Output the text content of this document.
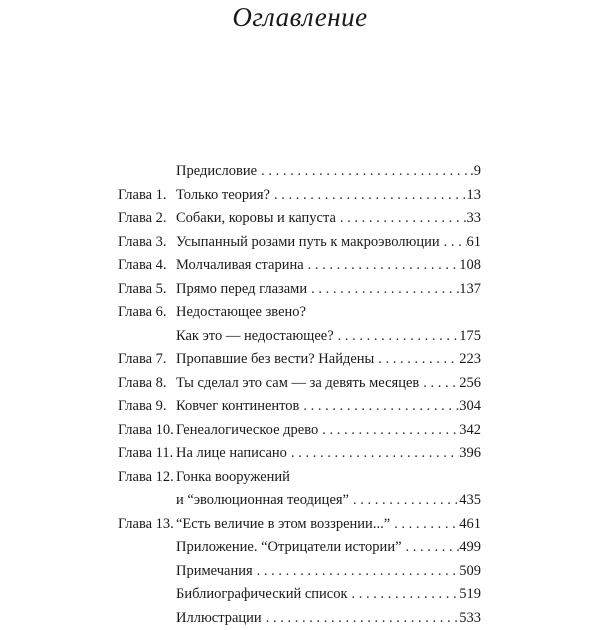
Оглавление
Предисловие . . .	.9
Глава 1. Только теория? . . .	13
Глава 2. Собаки, коровы и капуста . . .	33
Глава 3. Усыпанный розами путь к макроэволюции . . . 61
Глава 4. Молчаливая старина . . .	108
Глава 5. Прямо перед глазами . . .	137
Глава 6. Недостающее звено?
Как это — недостающее? . . .	175
Глава 7. Пропавшие без вести? Найдены . . .	223
Глава 8. Ты сделал это сам — за девять месяцев . . .	256
Глава 9. Ковчег континентов . . .	304
Глава 10. Генеалогическое древо . . .	342
Глава 11. На лице написано . . .	396
Глава 12. Гонка вооружений
и “эволюционная теодицея” . . .	435
Глава 13. “Есть величие в этом воззрении...” . . .	461
Приложение. “Отрицатели истории” . . .	499
Примечания . . .	509
Библиографический список . . .	519
Иллюстрации . . .	533
